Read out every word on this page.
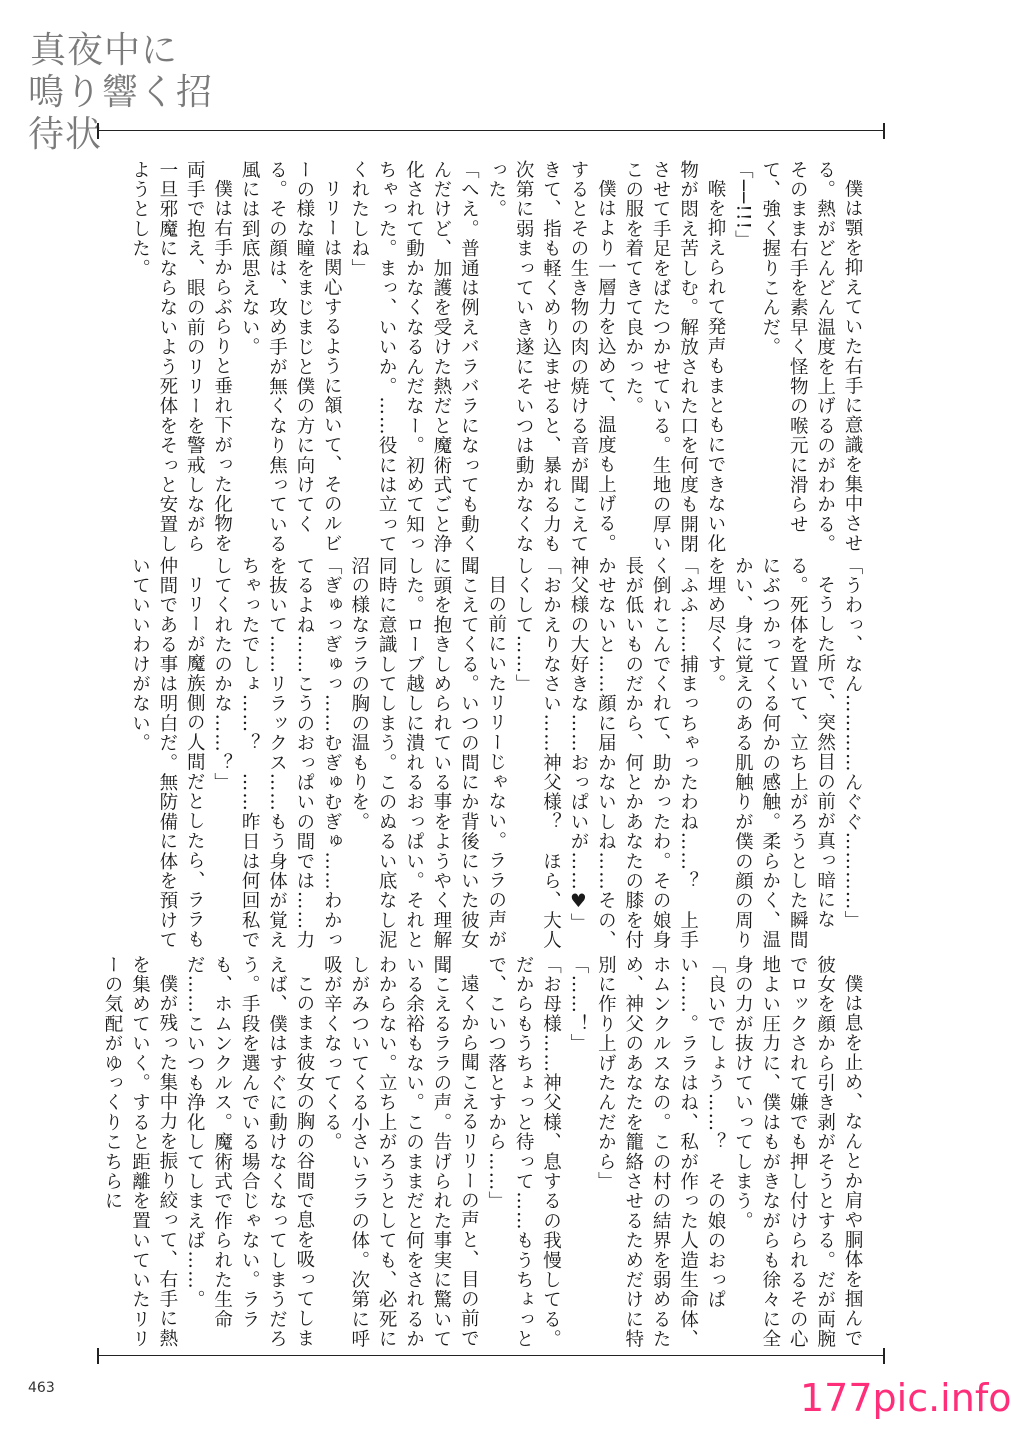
真夜中に
鳴り響く招待状

僕は顎を抑えていた右手に意識を集中させる。熱がどんどん温度を上げるのがわかる。そのまま右手を素早く怪物の喉元に滑らせて、強く握りこんだ。

「──!!!」

喉を抑えられて発声もまともにできない化物が悶え苦しむ。解放された口を何度も開閉させて手足をばたつかせている。生地の厚いこの服を着てきて良かった。

僕はより一層力を込めて、温度も上げる。するとその生き物の肉の焼ける音が聞こえてきて、指も軽くめり込ませると、暴れる力も次第に弱まっていき遂にそいつは動かなくなった。

「へえ。普通は例えバラバラになっても動くんだけど、加護を受けた熱だと魔術式ごと浄化されて動かなくなるんだなー。初めて知っちゃった。まっ、いいか。……役には立ってくれたしね」

リリーは関心するように頷いて、そのルビーの様な瞳をまじまじと僕の方に向けてくる。その顔は、攻め手が無くなり焦っている風には到底思えない。

僕は右手からぶらりと垂れ下がった化物を両手で抱え、眼の前のリリーを警戒しながら一旦邪魔にならないよう死体をそっと安置しようとした。

「うわっ、なん…………んぐぐ…………」

そうした所で、突然目の前が真っ暗になる。死体を置いて、立ち上がろうとした瞬間にぶつかってくる何かの感触。柔らかく、温かい、身に覚えのある肌触りが僕の顔の周りを埋め尽くす。

「ふふ……捕まっちゃったわね……？　上手く倒れこんでくれて、助かったわ。その娘身長が低いものだから、何とかあなたの膝を付かせないと……顔に届かないしね……その、神父様の大好きな……おっぱいが……♥」

「おかえりなさい……神父様？　ほら、大人しくして……」

目の前にいたリリーじゃない。ララの声が聞こえてくる。いつの間にか背後にいた彼女に頭を抱きしめられている事をようやく理解した。ローブ越しに潰れるおっぱい。それと同時に意識してしまう。このぬるい底なし泥沼の様なララの胸の温もりを。

「ぎゅっぎゅっ……むぎゅむぎゅ……わかってるよね……こうのおっぱいの間では……力を抜いて……リラックス……もう身体が覚えちゃったでしょ……？　……昨日は何回私でしてくれたのかな……？」

リリーが魔族側の人間だとしたら、ララも仲間である事は明白だ。無防備に体を預けていていいわけがない。

僕は息を止め、なんとか肩や胴体を掴んで彼女を顔から引き剥がそうとする。だが両腕でロックされて嫌でも押し付けられるその心地よい圧力に、僕はもがきながらも徐々に全身の力が抜けていってしまう。

「良いでしょう……？　その娘のおっぱい……。ララはね、私が作った人造生命体、ホムンクルスなの。この村の結界を弱めるため、神父のあなたを籠絡させるためだけに特別に作り上げたんだから」

「……！」

「お母様……神父様、息するの我慢してる。だからもうちょっと待って……もうちょっとで、こいつ落とすから……」

遠くから聞こえるリリーの声と、目の前で聞こえるララの声。告げられた事実に驚いている余裕もない。このままだと何をされるかわからない。立ち上がろうとしても、必死にしがみついてくる小さいララの体。次第に呼吸が辛くなってくる。

このまま彼女の胸の谷間で息を吸ってしまえば、僕はすぐに動けなくなってしまうだろう。手段を選んでいる場合じゃない。ララも、ホムンクルス。魔術式で作られた生命だ……こいつも浄化してしまえば……。

僕が残った集中力を振り絞って、右手に熱を集めていく。すると距離を置いていたリリーの気配がゆっくりこちらに

463	177pic.info
